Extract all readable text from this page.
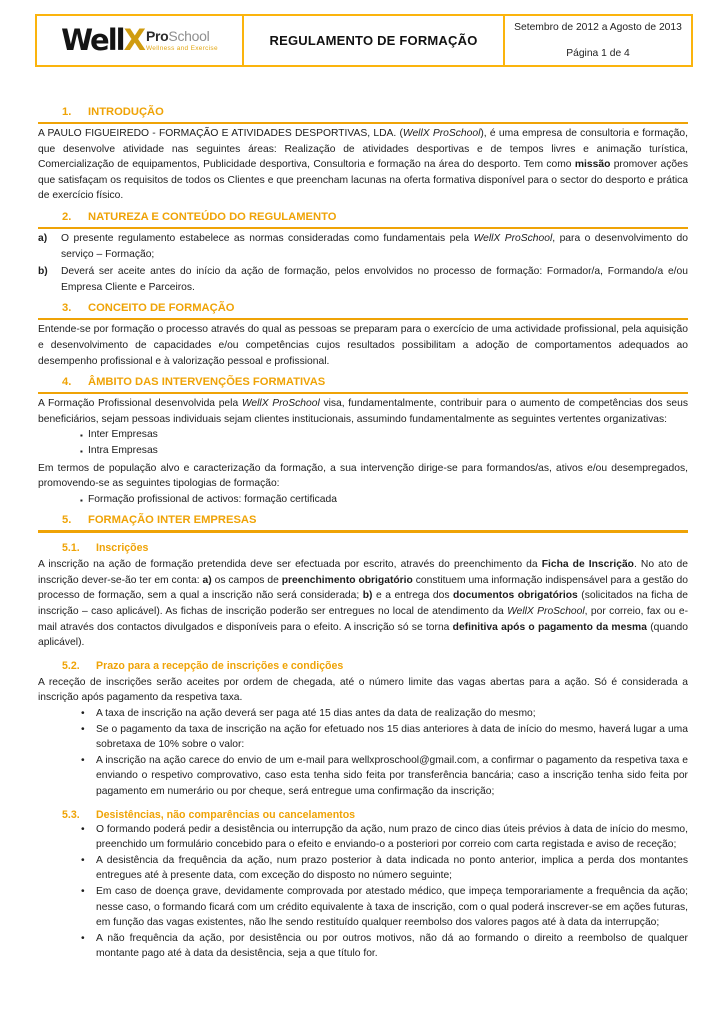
WellX ProSchool
Wellness and Exercise
REGULAMENTO DE FORMAÇÃO
Setembro de 2012 a Agosto de 2013
Página 1 de 4
1.	INTRODUÇÃO

A PAULO FIGUEIREDO - FORMAÇÃO E ATIVIDADES DESPORTIVAS, LDA. (WellX ProSchool), é uma empresa de consultoria e formação, que desenvolve atividade nas seguintes áreas: Realização de atividades desportivas e de tempos livres e animação turística, Comercialização de equipamentos, Publicidade desportiva, Consultoria e formação na área do desporto. Tem como missão promover ações que satisfaçam os requisitos de todos os Clientes e que preencham lacunas na oferta formativa disponível para o sector do desporto e prática de exercício físico.

2.	NATUREZA E CONTEÚDO DO REGULAMENTO
a)	O presente regulamento estabelece as normas consideradas como fundamentais pela WellX ProSchool, para o desenvolvimento do serviço – Formação;
b)	Deverá ser aceite antes do início da ação de formação, pelos envolvidos no processo de formação: Formador/a, Formando/a e/ou Empresa Cliente e Parceiros.
3.	CONCEITO DE FORMAÇÃO

Entende-se por formação o processo através do qual as pessoas se preparam para o exercício de uma actividade profissional, pela aquisição e desenvolvimento de capacidades e/ou competências cujos resultados possibilitam a adoção de comportamentos adequados ao desempenho profissional e à valorização pessoal e profissional.

4.	ÂMBITO DAS INTERVENÇÕES FORMATIVAS

A Formação Profissional desenvolvida pela WellX ProSchool visa, fundamentalmente, contribuir para o aumento de competências dos seus beneficiários, sejam pessoas individuais sejam clientes institucionais, assumindo fundamentalmente as seguintes vertentes organizativas:

▪ Inter Empresas
▪ Intra Empresas

Em termos de população alvo e caracterização da formação, a sua intervenção dirige-se para formandos/as, ativos e/ou desempregados, promovendo-se as seguintes tipologias de formação:

▪ Formação profissional de activos: formação certificada
5.	FORMAÇÃO INTER EMPRESAS
5.1.	Inscrições

A inscrição na ação de formação pretendida deve ser efectuada por escrito, através do preenchimento da Ficha de Inscrição. No ato de inscrição dever-se-ão ter em conta: a) os campos de preenchimento obrigatório constituem uma informação indispensável para a gestão do processo de formação, sem a qual a inscrição não será considerada; b) e a entrega dos documentos obrigatórios (solicitados na ficha de inscrição – caso aplicável). As fichas de inscrição poderão ser entregues no local de atendimento da WellX ProSchool, por correio, fax ou e-mail através dos contactos divulgados e disponíveis para o efeito. A inscrição só se torna definitiva após o pagamento da mesma (quando aplicável).

5.2.	Prazo para a recepção de inscrições e condições

A receção de inscrições serão aceites por ordem de chegada, até o número limite das vagas abertas para a ação. Só é considerada a inscrição após pagamento da respetiva taxa.

• A taxa de inscrição na ação deverá ser paga até 15 dias antes da data de realização do mesmo;
• Se o pagamento da taxa de inscrição na ação for efetuado nos 15 dias anteriores à data de início do mesmo, haverá lugar a uma sobretaxa de 10% sobre o valor:
• A inscrição na ação carece do envio de um e-mail para wellxproschool@gmail.com, a confirmar o pagamento da respetiva taxa e enviando o respetivo comprovativo, caso esta tenha sido feita por transferência bancária; caso a inscrição tenha sido feita por pagamento em numerário ou por cheque, será entregue uma confirmação da inscrição;
5.3.	Desistências, não comparências ou cancelamentos
• O formando poderá pedir a desistência ou interrupção da ação, num prazo de cinco dias úteis prévios à data de início do mesmo, preenchido um formulário concebido para o efeito e enviando-o a posteriori por correio com carta registada e aviso de receção;
• A desistência da frequência da ação, num prazo posterior à data indicada no ponto anterior, implica a perda dos montantes entregues até à presente data, com exceção do disposto no número seguinte;
• Em caso de doença grave, devidamente comprovada por atestado médico, que impeça temporariamente a frequência da ação; nesse caso, o formando ficará com um crédito equivalente à taxa de inscrição, com o qual poderá inscrever-se em ações futuras, em função das vagas existentes, não lhe sendo restituído qualquer reembolso dos valores pagos até à data da interrupção;
• A não frequência da ação, por desistência ou por outros motivos, não dá ao formando o direito a reembolso de qualquer montante pago até à data da desistência, seja a que título for.
